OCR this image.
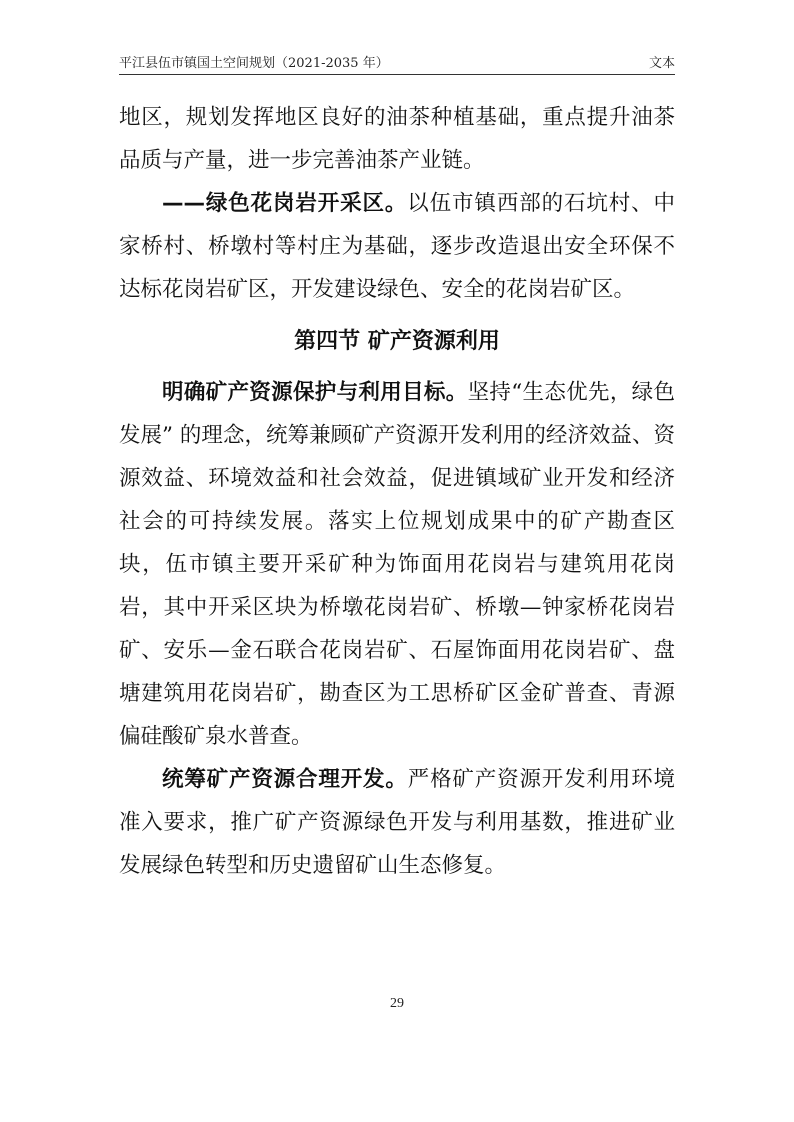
平江县伍市镇国土空间规划（2021-2035 年）	文本

地区，规划发挥地区良好的油茶种植基础，重点提升油茶品质与产量，进一步完善油茶产业链。

——绿色花岗岩开采区。以伍市镇西部的石坑村、中家桥村、桥墩村等村庄为基础，逐步改造退出安全环保不达标花岗岩矿区，开发建设绿色、安全的花岗岩矿区。

第四节 矿产资源利用

明确矿产资源保护与利用目标。坚持“生态优先，绿色发展” 的理念，统筹兼顾矿产资源开发利用的经济效益、资源效益、环境效益和社会效益，促进镇域矿业开发和经济社会的可持续发展。落实上位规划成果中的矿产勘查区块，伍市镇主要开采矿种为饰面用花岗岩与建筑用花岗岩，其中开采区块为桥墩花岗岩矿、桥墩—钟家桥花岗岩矿、安乐—金石联合花岗岩矿、石屋饰面用花岗岩矿、盘塘建筑用花岗岩矿，勘查区为工思桥矿区金矿普查、青源偏硅酸矿泉水普查。

统筹矿产资源合理开发。严格矿产资源开发利用环境准入要求，推广矿产资源绿色开发与利用基数，推进矿业发展绿色转型和历史遗留矿山生态修复。

29
